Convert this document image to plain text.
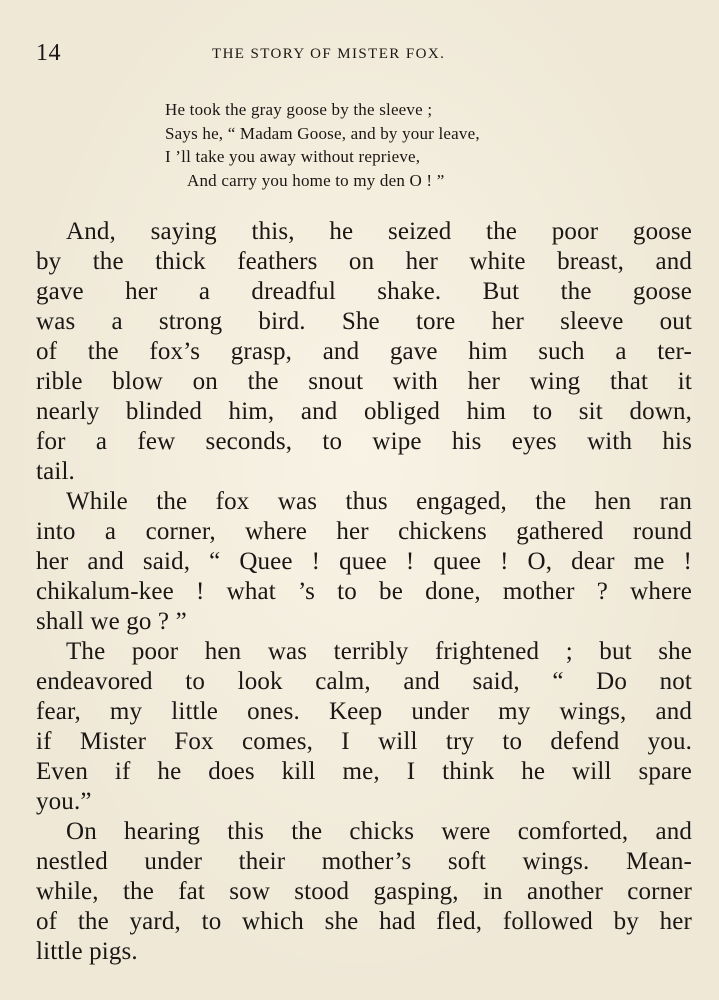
14	THE STORY OF MISTER FOX.
He took the gray goose by the sleeve ;
Says he, “ Madam Goose, and by your leave,
I ’ll take you away without reprieve,
And carry you home to my den O ! ”

And, saying this, he seized the poor goose
by the thick feathers on her white breast, and
gave her a dreadful shake. But the goose
was a strong bird. She tore her sleeve out
of the fox’s grasp, and gave him such a ter-
rible blow on the snout with her wing that it
nearly blinded him, and obliged him to sit down,
for a few seconds, to wipe his eyes with his
tail.

While the fox was thus engaged, the hen ran
into a corner, where her chickens gathered round
her and said, “ Quee ! quee ! quee ! O, dear me !
chikalum-kee ! what ’s to be done, mother ? where
shall we go ? ”

The poor hen was terribly frightened ; but she
endeavored to look calm, and said, “ Do not
fear, my little ones. Keep under my wings, and
if Mister Fox comes, I will try to defend you.
Even if he does kill me, I think he will spare
you.”

On hearing this the chicks were comforted, and
nestled under their mother’s soft wings. Mean-
while, the fat sow stood gasping, in another corner
of the yard, to which she had fled, followed by her
little pigs.
